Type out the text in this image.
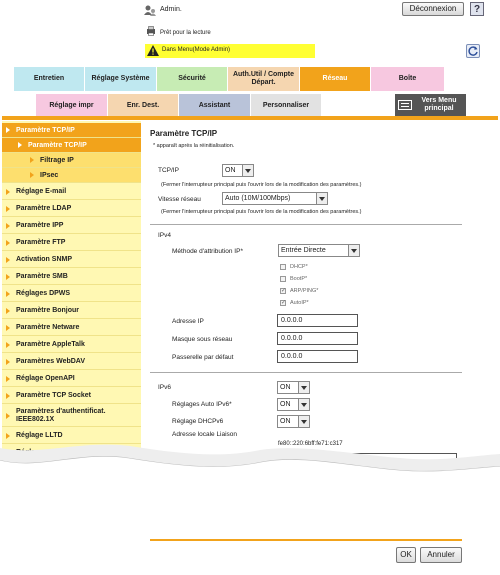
Admin.	Déconnexion	?
Prêt pour la lecture
Dans Menu(Mode Admin)
Entretien	Réglage Système	Sécurité
Auth.Util / Compte Départ.
Réseau	Boîte
Réglage impr	Enr. Dest.	Assistant	Personnaliser
Vers Menu principal
Paramètre TCP/IP
Paramètre TCP/IP
Filtrage IP
IPsec
Réglage E-mail
Paramètre LDAP
Paramètre IPP
Paramètre FTP
Activation SNMP
Paramètre SMB
Réglages DPWS
Paramètre Bonjour
Paramètre Netware
Paramètre AppleTalk
Paramètres WebDAV
Réglage OpenAPI
Paramètre TCP Socket
Paramètres d'authentificat. IEEE802.1X
Réglage LLTD
Paramètre TCP/IP
* apparaît après la réinitialisation.
TCP/IP	ON
(Fermer l'interrupteur principal puis l'ouvrir lors de la modification des paramètres.)
Vitesse réseau	Auto (10M/100Mbps)
(Fermer l'interrupteur principal puis l'ouvrir lors de la modification des paramètres.)
IPv4
Méthode d'attribution IP*	Entrée Directe
DHCP*
BootP*
✓
ARP/PING*
✓
AutoIP*
Adresse IP	0.0.0.0
Masque sous réseau	0.0.0.0
Passerelle par défaut	0.0.0.0
IPv6	ON
Réglages Auto IPv6*	ON
Réglage DHCPv6	ON
Adresse locale Liaison
fe80::220:6bff:fe71:c317
OK	Annuler
